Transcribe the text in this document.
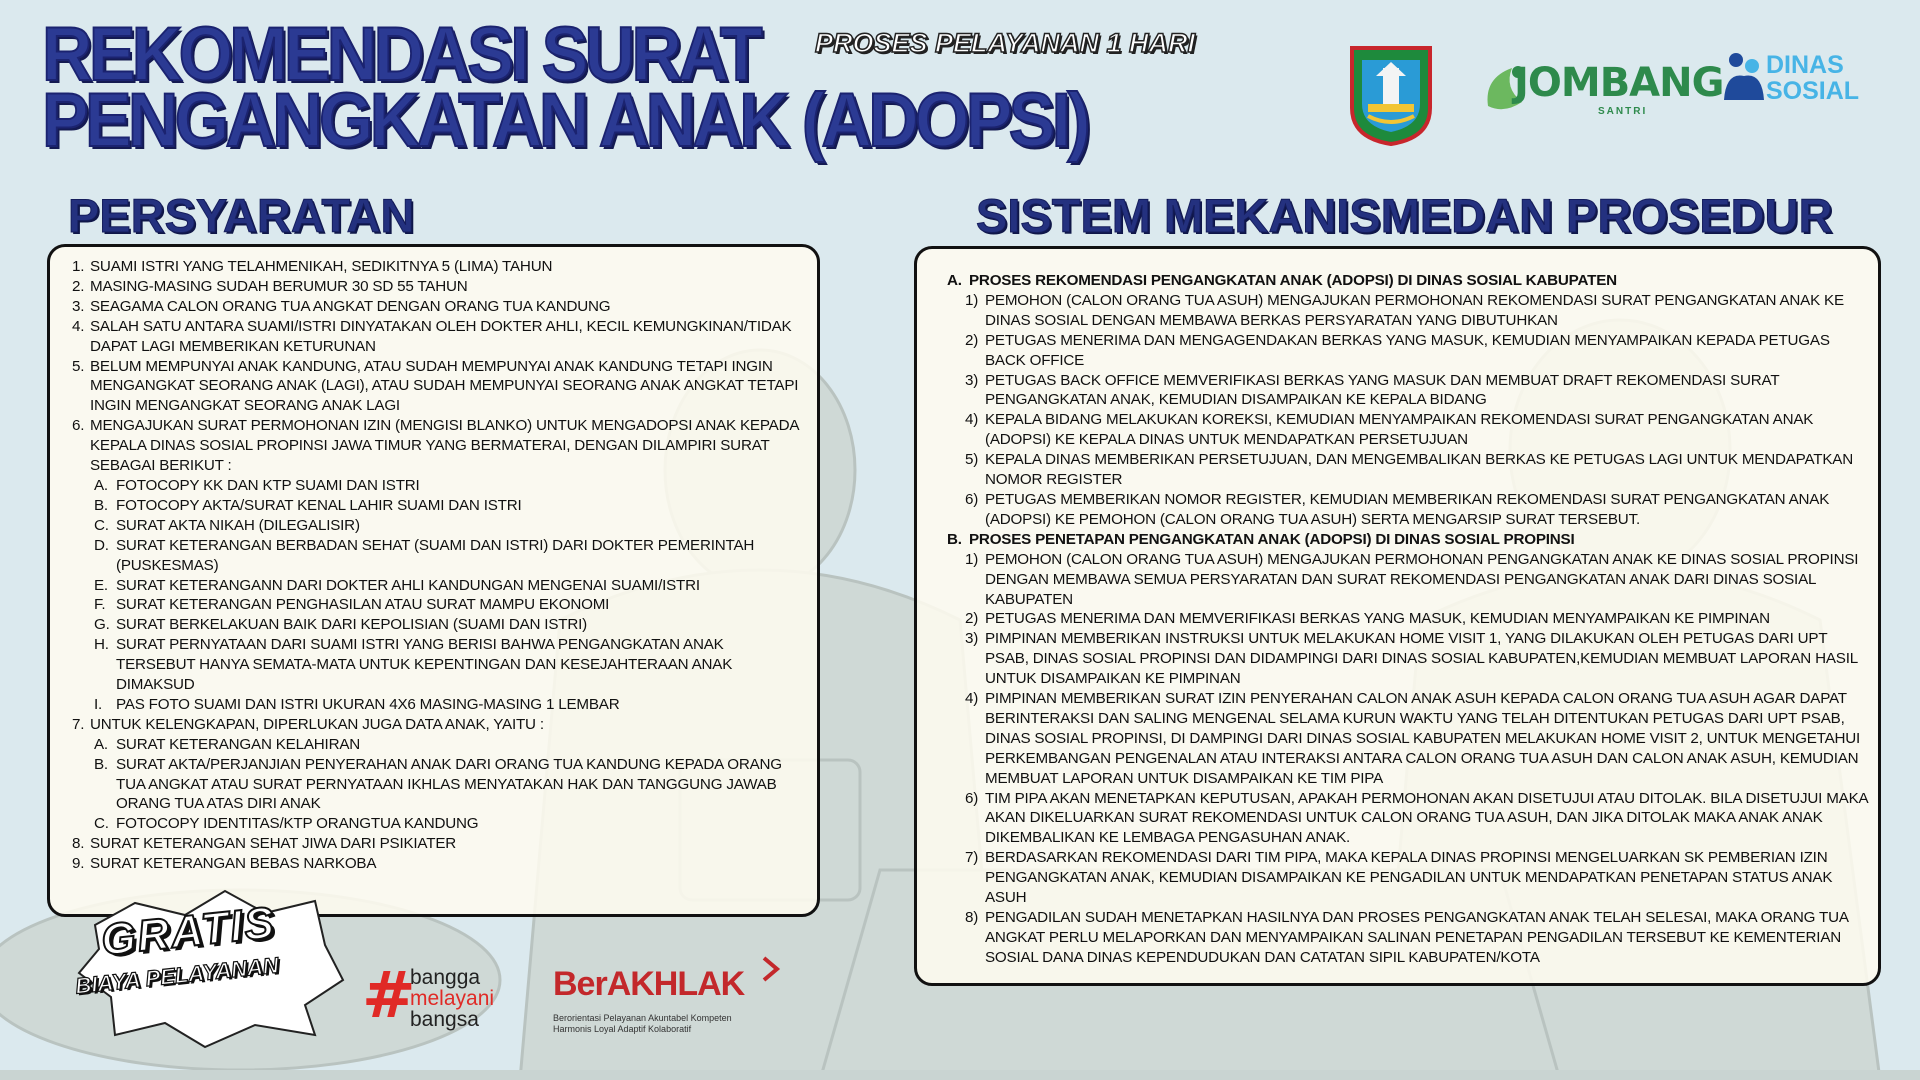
REKOMENDASI SURAT
PENGANGKATAN ANAK (ADOPSI)
PROSES PELAYANAN 1 HARI
JOMBANG
SANTRI
DINAS
SOSIAL
PERSYARATAN	SISTEM MEKANISMEDAN PROSEDUR
1. SUAMI ISTRI YANG TELAHMENIKAH, SEDIKITNYA 5 (LIMA) TAHUN
2. MASING-MASING SUDAH BERUMUR 30 SD 55 TAHUN
3. SEAGAMA CALON ORANG TUA ANGKAT DENGAN ORANG TUA KANDUNG
4. SALAH SATU ANTARA SUAMI/ISTRI DINYATAKAN OLEH DOKTER AHLI, KECIL KEMUNGKINAN/TIDAK DAPAT LAGI MEMBERIKAN KETURUNAN
5. BELUM MEMPUNYAI ANAK KANDUNG, ATAU SUDAH MEMPUNYAI ANAK KANDUNG TETAPI INGIN MENGANGKAT SEORANG ANAK (LAGI), ATAU SUDAH MEMPUNYAI SEORANG ANAK ANGKAT TETAPI INGIN MENGANGKAT SEORANG ANAK LAGI
6. MENGAJUKAN SURAT PERMOHONAN IZIN (MENGISI BLANKO) UNTUK MENGADOPSI ANAK KEPADA KEPALA DINAS SOSIAL PROPINSI JAWA TIMUR YANG BERMATERAI, DENGAN DILAMPIRI SURAT SEBAGAI BERIKUT :
A. FOTOCOPY KK DAN KTP SUAMI DAN ISTRI
B. FOTOCOPY AKTA/SURAT KENAL LAHIR SUAMI DAN ISTRI
C. SURAT AKTA NIKAH (DILEGALISIR)
D. SURAT KETERANGAN BERBADAN SEHAT (SUAMI DAN ISTRI) DARI DOKTER PEMERINTAH (PUSKESMAS)
E. SURAT KETERANGANN DARI DOKTER AHLI KANDUNGAN MENGENAI SUAMI/ISTRI
F. SURAT KETERANGAN PENGHASILAN ATAU SURAT MAMPU EKONOMI
G. SURAT BERKELAKUAN BAIK DARI KEPOLISIAN (SUAMI DAN ISTRI)
H. SURAT PERNYATAAN DARI SUAMI ISTRI YANG BERISI BAHWA PENGANGKATAN ANAK TERSEBUT HANYA SEMATA-MATA UNTUK KEPENTINGAN DAN KESEJAHTERAAN ANAK DIMAKSUD
I. PAS FOTO SUAMI DAN ISTRI UKURAN 4X6 MASING-MASING 1 LEMBAR
7. UNTUK KELENGKAPAN, DIPERLUKAN JUGA DATA ANAK, YAITU :
A. SURAT KETERANGAN KELAHIRAN
B. SURAT AKTA/PERJANJIAN PENYERAHAN ANAK DARI ORANG TUA KANDUNG KEPADA ORANG TUA ANGKAT ATAU SURAT PERNYATAAN IKHLAS MENYATAKAN HAK DAN TANGGUNG JAWAB ORANG TUA ATAS DIRI ANAK
C. FOTOCOPY IDENTITAS/KTP ORANGTUA KANDUNG
8. SURAT KETERANGAN SEHAT JIWA DARI PSIKIATER
9. SURAT KETERANGAN BEBAS NARKOBA
A. PROSES REKOMENDASI PENGANGKATAN ANAK (ADOPSI) DI DINAS SOSIAL KABUPATEN
1) PEMOHON (CALON ORANG TUA ASUH) MENGAJUKAN PERMOHONAN REKOMENDASI SURAT PENGANGKATAN ANAK KE DINAS SOSIAL DENGAN MEMBAWA BERKAS PERSYARATAN YANG DIBUTUHKAN
2) PETUGAS MENERIMA DAN MENGAGENDAKAN BERKAS YANG MASUK, KEMUDIAN MENYAMPAIKAN KEPADA PETUGAS BACK OFFICE
3) PETUGAS BACK OFFICE MEMVERIFIKASI BERKAS YANG MASUK DAN MEMBUAT DRAFT REKOMENDASI SURAT PENGANGKATAN ANAK, KEMUDIAN DISAMPAIKAN KE KEPALA BIDANG
4) KEPALA BIDANG MELAKUKAN KOREKSI, KEMUDIAN MENYAMPAIKAN REKOMENDASI SURAT PENGANGKATAN ANAK (ADOPSI) KE KEPALA DINAS UNTUK MENDAPATKAN PERSETUJUAN
5) KEPALA DINAS MEMBERIKAN PERSETUJUAN, DAN MENGEMBALIKAN BERKAS KE PETUGAS LAGI UNTUK MENDAPATKAN NOMOR REGISTER
6) PETUGAS MEMBERIKAN NOMOR REGISTER, KEMUDIAN MEMBERIKAN REKOMENDASI SURAT PENGANGKATAN ANAK (ADOPSI) KE PEMOHON (CALON ORANG TUA ASUH) SERTA MENGARSIP SURAT TERSEBUT.
B. PROSES PENETAPAN PENGANGKATAN ANAK (ADOPSI) DI DINAS SOSIAL PROPINSI
1) PEMOHON (CALON ORANG TUA ASUH) MENGAJUKAN PERMOHONAN PENGANGKATAN ANAK KE DINAS SOSIAL PROPINSI DENGAN MEMBAWA SEMUA PERSYARATAN DAN SURAT REKOMENDASI PENGANGKATAN ANAK DARI DINAS SOSIAL KABUPATEN
2) PETUGAS MENERIMA DAN MEMVERIFIKASI BERKAS YANG MASUK, KEMUDIAN MENYAMPAIKAN KE PIMPINAN
3) PIMPINAN MEMBERIKAN INSTRUKSI UNTUK MELAKUKAN HOME VISIT 1, YANG DILAKUKAN OLEH PETUGAS DARI UPT PSAB, DINAS SOSIAL PROPINSI DAN DIDAMPINGI DARI DINAS SOSIAL KABUPATEN,KEMUDIAN MEMBUAT LAPORAN HASIL UNTUK DISAMPAIKAN KE PIMPINAN
4) PIMPINAN MEMBERIKAN SURAT IZIN PENYERAHAN CALON ANAK ASUH KEPADA CALON ORANG TUA ASUH AGAR DAPAT BERINTERAKSI DAN SALING MENGENAL SELAMA KURUN WAKTU YANG TELAH DITENTUKAN PETUGAS DARI UPT PSAB, DINAS SOSIAL PROPINSI, DI DAMPINGI DARI DINAS SOSIAL KABUPATEN MELAKUKAN HOME VISIT 2, UNTUK MENGETAHUI PERKEMBANGAN PENGENALAN ATAU INTERAKSI ANTARA CALON ORANG TUA ASUH DAN CALON ANAK ASUH, KEMUDIAN MEMBUAT LAPORAN UNTUK DISAMPAIKAN KE TIM PIPA
6) TIM PIPA AKAN MENETAPKAN KEPUTUSAN, APAKAH PERMOHONAN AKAN DISETUJUI ATAU DITOLAK. BILA DISETUJUI MAKA AKAN DIKELUARKAN SURAT REKOMENDASI UNTUK CALON ORANG TUA ASUH, DAN JIKA DITOLAK MAKA ANAK ANAK DIKEMBALIKAN KE LEMBAGA PENGASUHAN ANAK.
7) BERDASARKAN REKOMENDASI DARI TIM PIPA, MAKA KEPALA DINAS PROPINSI MENGELUARKAN SK PEMBERIAN IZIN PENGANGKATAN ANAK, KEMUDIAN DISAMPAIKAN KE PENGADILAN UNTUK MENDAPATKAN PENETAPAN STATUS ANAK ASUH
8) PENGADILAN SUDAH MENETAPKAN HASILNYA DAN PROSES PENGANGKATAN ANAK TELAH SELESAI, MAKA ORANG TUA ANGKAT PERLU MELAPORKAN DAN MENYAMPAIKAN SALINAN PENETAPAN PENGADILAN TERSEBUT KE KEMENTERIAN SOSIAL DANA DINAS KEPENDUDUKAN DAN CATATAN SIPIL KABUPATEN/KOTA
GRATIS
BIAYA PELAYANAN #
bangga
melayani
bangsa
BerAKHLAK
Berorientasi Pelayanan Akuntabel Kompeten
Harmonis Loyal Adaptif Kolaboratif
